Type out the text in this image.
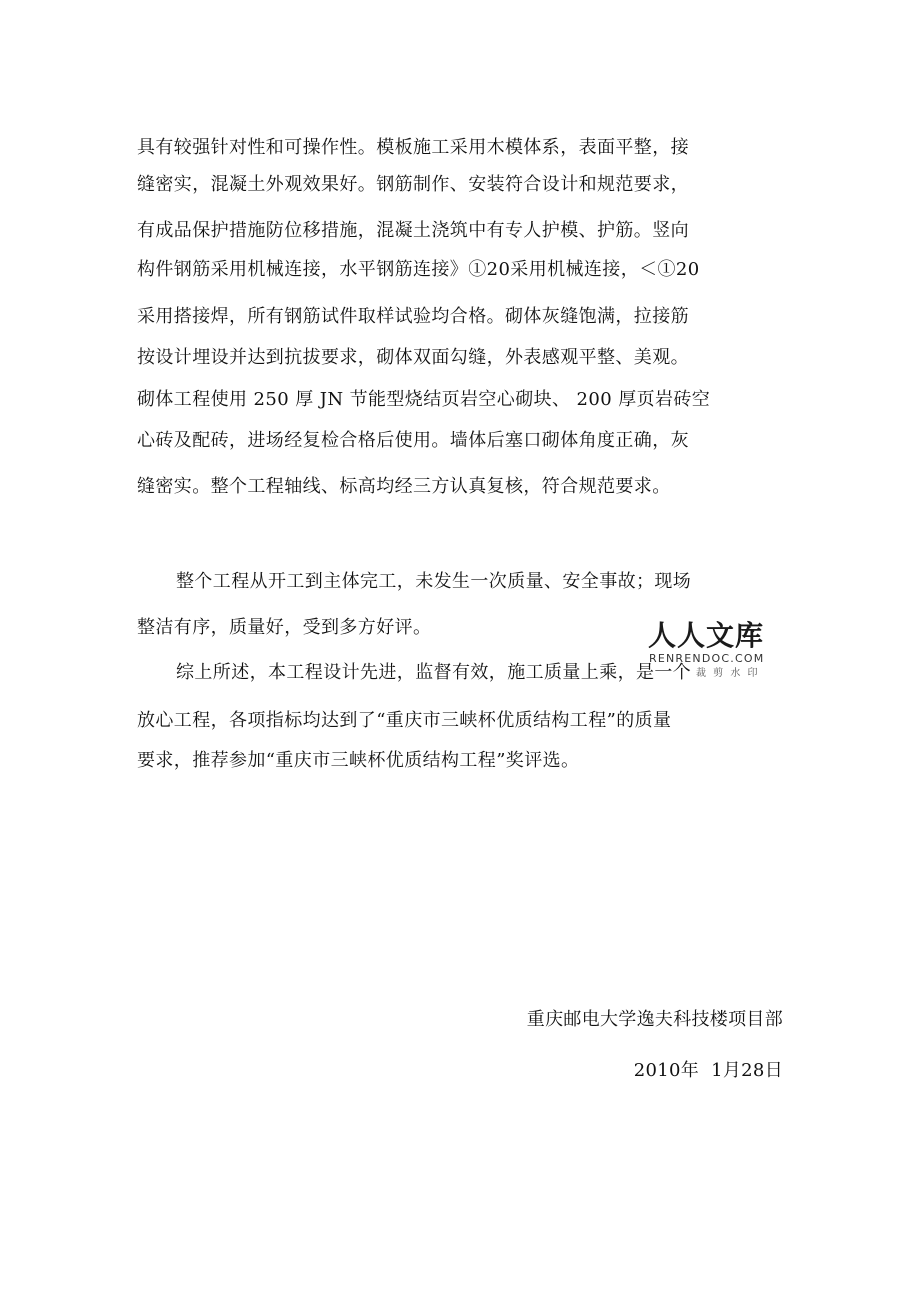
具有较强针对性和可操作性。模板施工采用木模体系，表面平整，接
缝密实，混凝土外观效果好。钢筋制作、安装符合设计和规范要求，
有成品保护措施防位移措施，混凝土浇筑中有专人护模、护筋。竖向
构件钢筋采用机械连接，水平钢筋连接》①20采用机械连接，＜①20
采用搭接焊，所有钢筋试件取样试验均合格。砌体灰缝饱满，拉接筋
按设计埋设并达到抗拔要求，砌体双面勾缝，外表感观平整、美观。
砌体工程使用 250 厚 JN 节能型烧结页岩空心砌块、 200 厚页岩砖空
心砖及配砖，进场经复检合格后使用。墙体后塞口砌体角度正确，灰
缝密实。整个工程轴线、标高均经三方认真复核，符合规范要求。
整个工程从开工到主体完工，未发生一次质量、安全事故；现场
整洁有序，质量好，受到多方好评。
综上所述，本工程设计先进，监督有效，施工质量上乘，是一个
放心工程，各项指标均达到了“重庆市三峡杯优质结构工程”的质量
要求，推荐参加“重庆市三峡杯优质结构工程”奖评选。
重庆邮电大学逸夫科技楼项目部
2010年  1月28日
人人文库
RENRENDOC.COM
裁 剪 水 印
